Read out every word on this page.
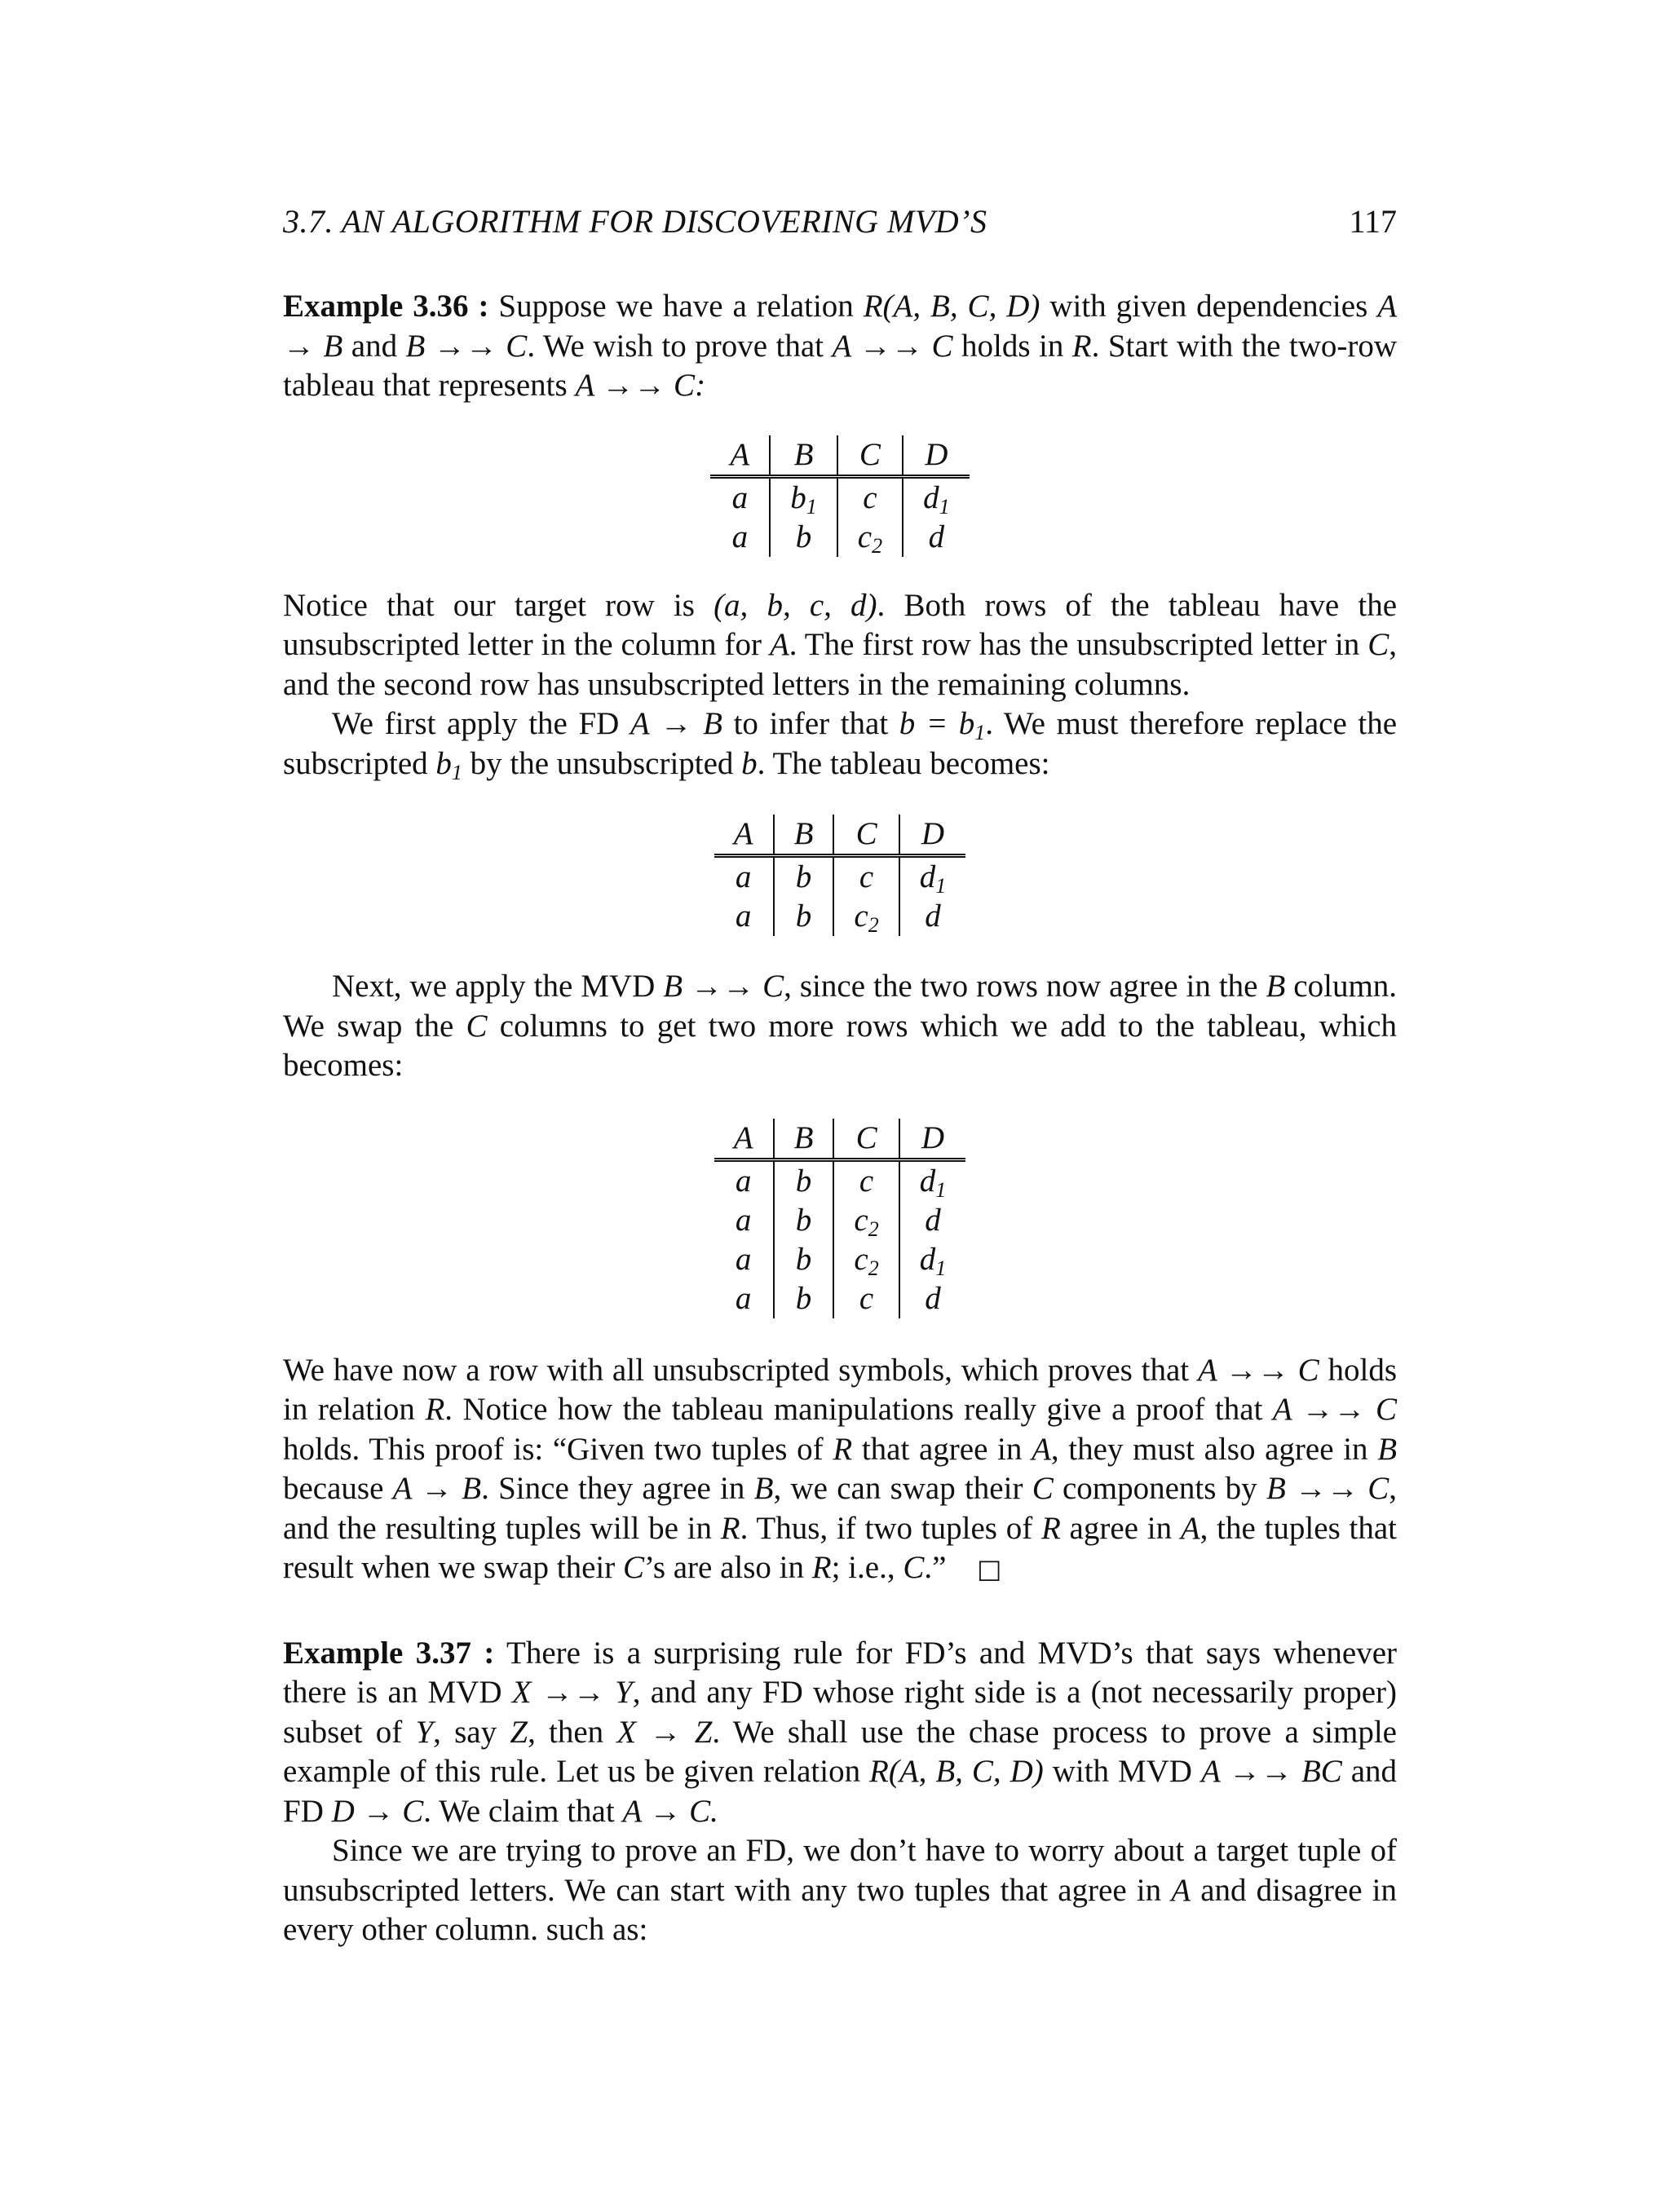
3.7. AN ALGORITHM FOR DISCOVERING MVD’S	117

Example 3.36 : Suppose we have a relation R(A, B, C, D) with given dependencies A → B and B →→ C. We wish to prove that A →→ C holds in R. Start with the two-row tableau that represents A →→ C:

A	B	C	D
a	$b_1$	c	$d_1$
a	b	$c_2$	d

Notice that our target row is (a, b, c, d). Both rows of the tableau have the unsubscripted letter in the column for A. The first row has the unsubscripted letter in C, and the second row has unsubscripted letters in the remaining columns.

We first apply the FD A → B to infer that $b = b_1$. We must therefore replace the subscripted $b_1$ by the unsubscripted b. The tableau becomes:

A	B	C	D
a	b	c	$d_1$
a	b	$c_2$	d

Next, we apply the MVD B →→ C, since the two rows now agree in the B column. We swap the C columns to get two more rows which we add to the tableau, which becomes:

A	B	C	D
a	b	c	$d_1$
a	b	$c_2$	d
a	b	$c_2$	$d_1$
a	b	c	d

We have now a row with all unsubscripted symbols, which proves that A →→ C holds in relation R. Notice how the tableau manipulations really give a proof that A →→ C holds. This proof is: “Given two tuples of R that agree in A, they must also agree in B because A → B. Since they agree in B, we can swap their C components by B →→ C, and the resulting tuples will be in R. Thus, if two tuples of R agree in A, the tuples that result when we swap their C’s are also in R; i.e., C.” □

Example 3.37 : There is a surprising rule for FD’s and MVD’s that says whenever there is an MVD X →→ Y, and any FD whose right side is a (not necessarily proper) subset of Y, say Z, then X → Z. We shall use the chase process to prove a simple example of this rule. Let us be given relation R(A, B, C, D) with MVD A →→ BC and FD D → C. We claim that A → C.

Since we are trying to prove an FD, we don’t have to worry about a target tuple of unsubscripted letters. We can start with any two tuples that agree in A and disagree in every other column. such as:
